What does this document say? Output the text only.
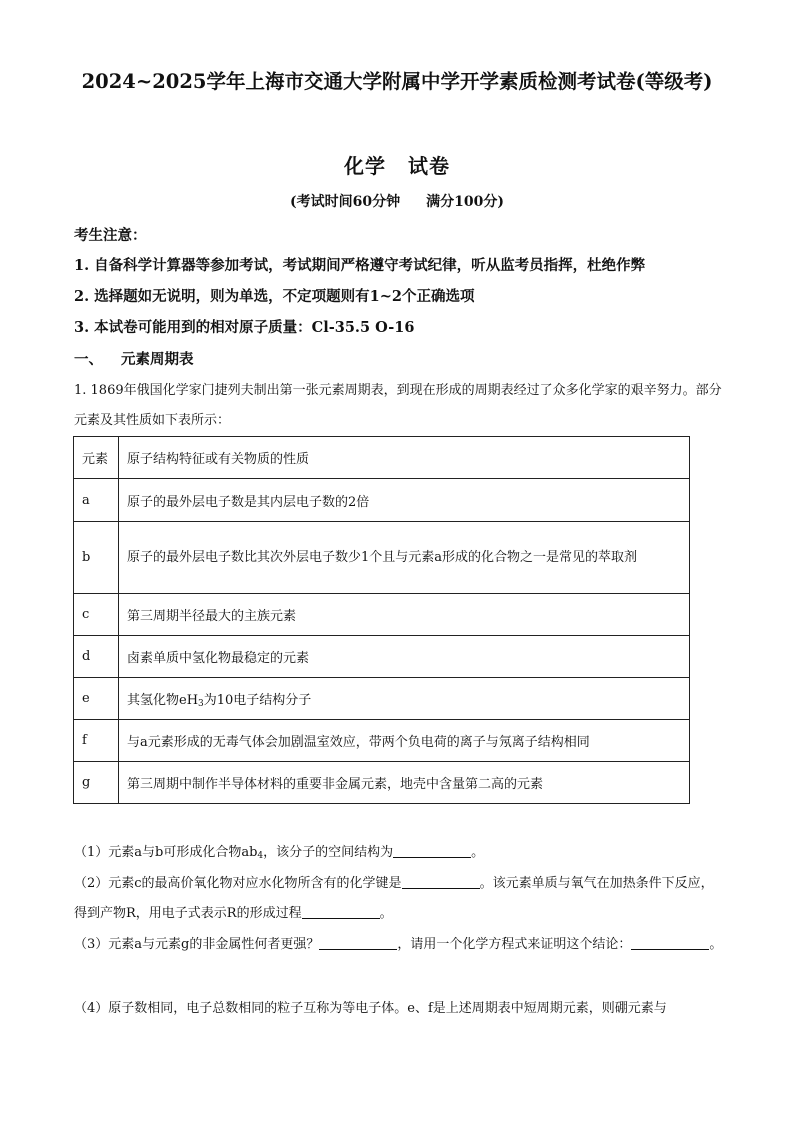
2024~2025学年上海市交通大学附属中学开学素质检测考试卷(等级考)
化学 试卷
(考试时间60分钟 满分100分)
考生注意：
1. 自备科学计算器等参加考试，考试期间严格遵守考试纪律，听从监考员指挥，杜绝作弊
2. 选择题如无说明，则为单选，不定项题则有1~2个正确选项
3. 本试卷可能用到的相对原子质量：Cl-35.5 O-16
一、 元素周期表
1. 1869年俄国化学家门捷列夫制出第一张元素周期表，到现在形成的周期表经过了众多化学家的艰辛努力。部分元素及其性质如下表所示：
元素	原子结构特征或有关物质的性质
a	原子的最外层电子数是其内层电子数的2倍
b	原子的最外层电子数比其次外层电子数少1个且与元素a形成的化合物之一是常见的萃取剂
c	第三周期半径最大的主族元素
d	卤素单质中氢化物最稳定的元素
e	其氢化物$eH_3$为10电子结构分子
f	与a元素形成的无毒气体会加剧温室效应，带两个负电荷的离子与氖离子结构相同
g	第三周期中制作半导体材料的重要非金属元素，地壳中含量第二高的元素
（1）元素a与b可形成化合物$ab_4$，该分子的空间结构为	。
（2）元素c的最高价氧化物对应水化物所含有的化学键是	。该元素单质与氧气在加热条件下反应，得到产物R，用电子式表示R的形成过程	。
（3）元素a与元素g的非金属性何者更强？	，请用一个化学方程式来证明这个结论：	。
（4）原子数相同，电子总数相同的粒子互称为等电子体。e、f是上述周期表中短周期元素，则硼元素与
